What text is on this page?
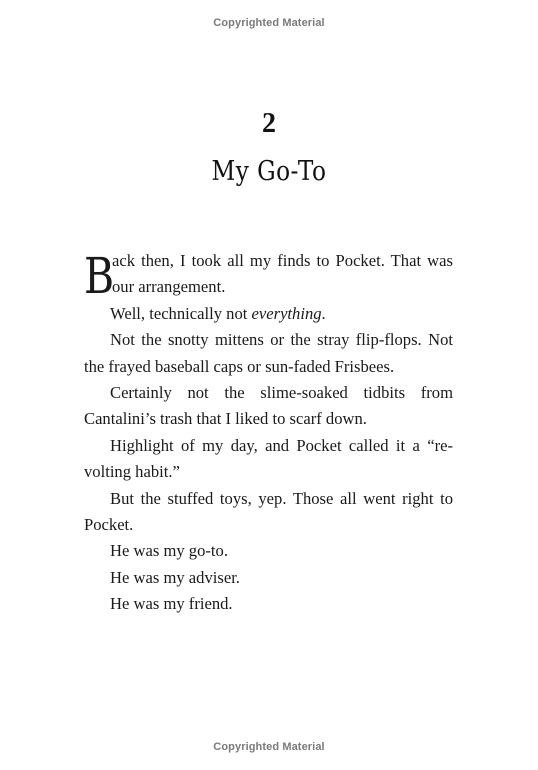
Copyrighted Material
2
My Go-To

B
ack then, I took all my finds to Pocket. That was
our arrangement.

Well, technically not everything.

Not the snotty mittens or the stray flip-flops. Not the frayed baseball caps or sun-faded Frisbees.

Certainly not the slime-soaked tidbits from Cantalini’s trash that I liked to scarf down.

Highlight of my day, and Pocket called it a “revolting habit.”

But the stuffed toys, yep. Those all went right to Pocket.

He was my go-to.

He was my adviser.

He was my friend.

Copyrighted Material
